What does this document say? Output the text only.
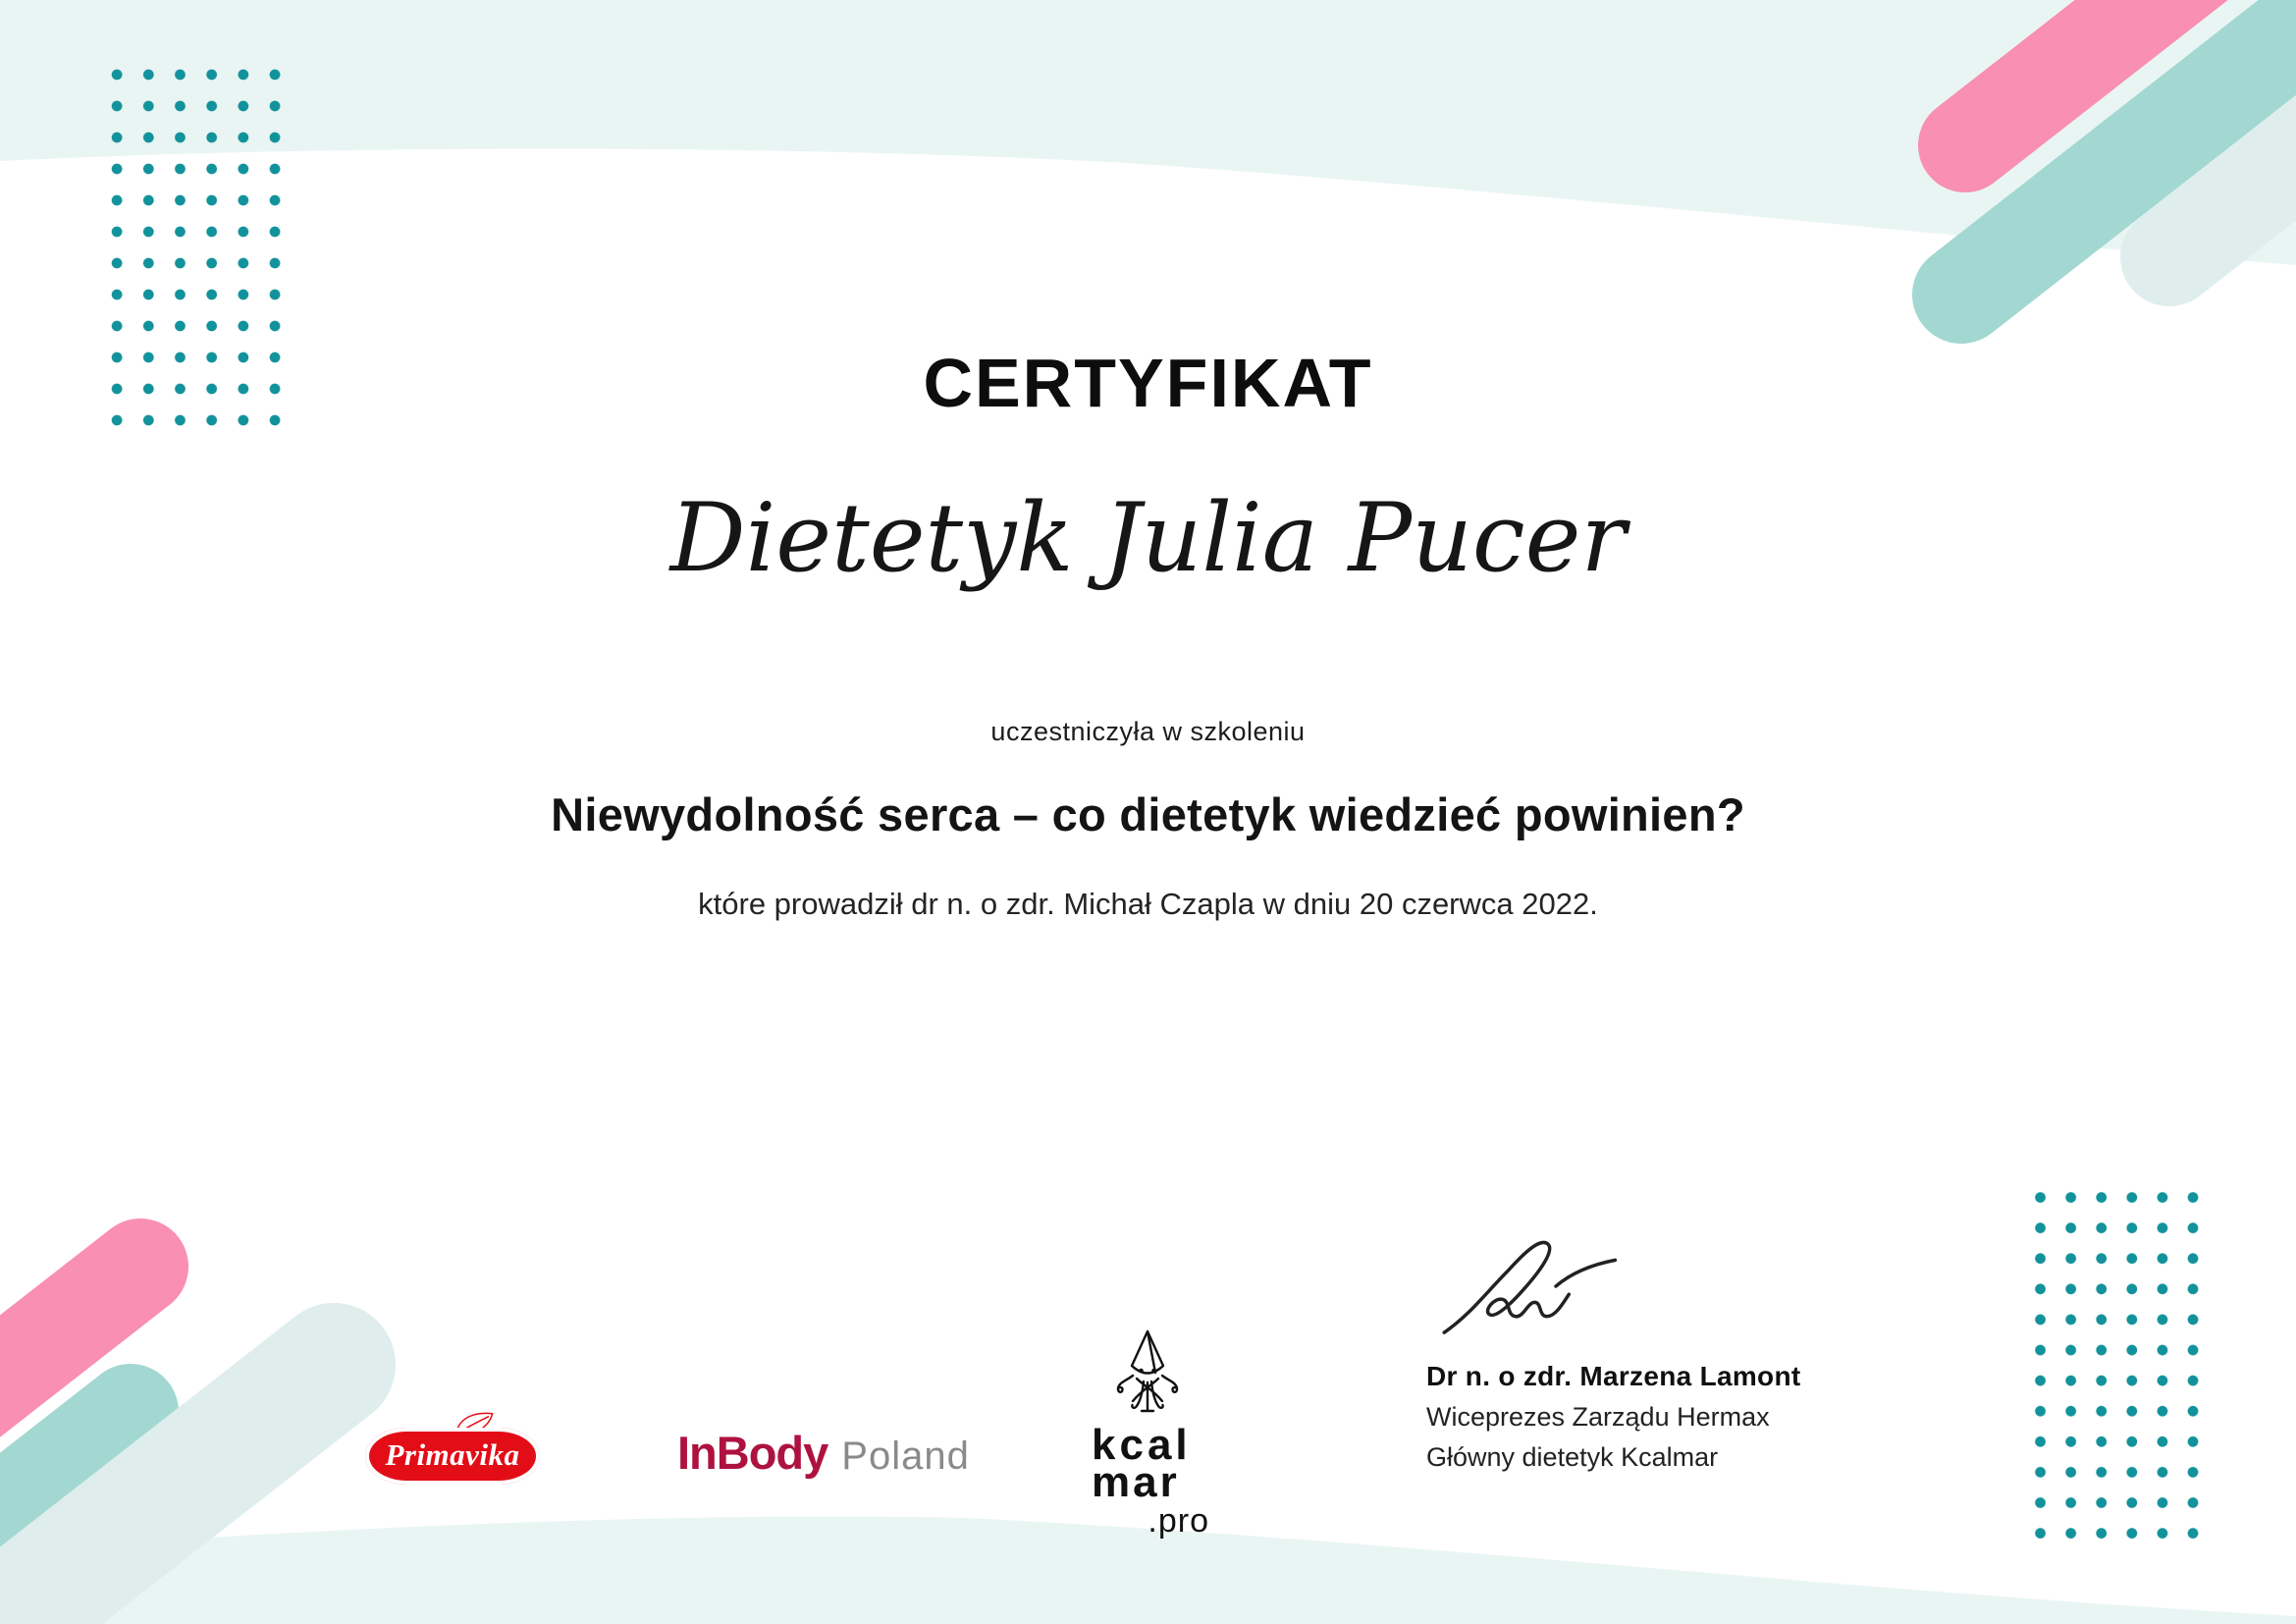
CERTYFIKAT
Dietetyk Julia Pucer
uczestniczyła w szkoleniu
Niewydolność serca – co dietetyk wiedzieć powinien?
które prowadził dr n. o zdr. Michał Czapla w dniu 20 czerwca 2022.
Primavika	InBody Poland	kcal
mar
.pro
Dr n. o zdr. Marzena Lamont
Wiceprezes Zarządu Hermax
Główny dietetyk Kcalmar
